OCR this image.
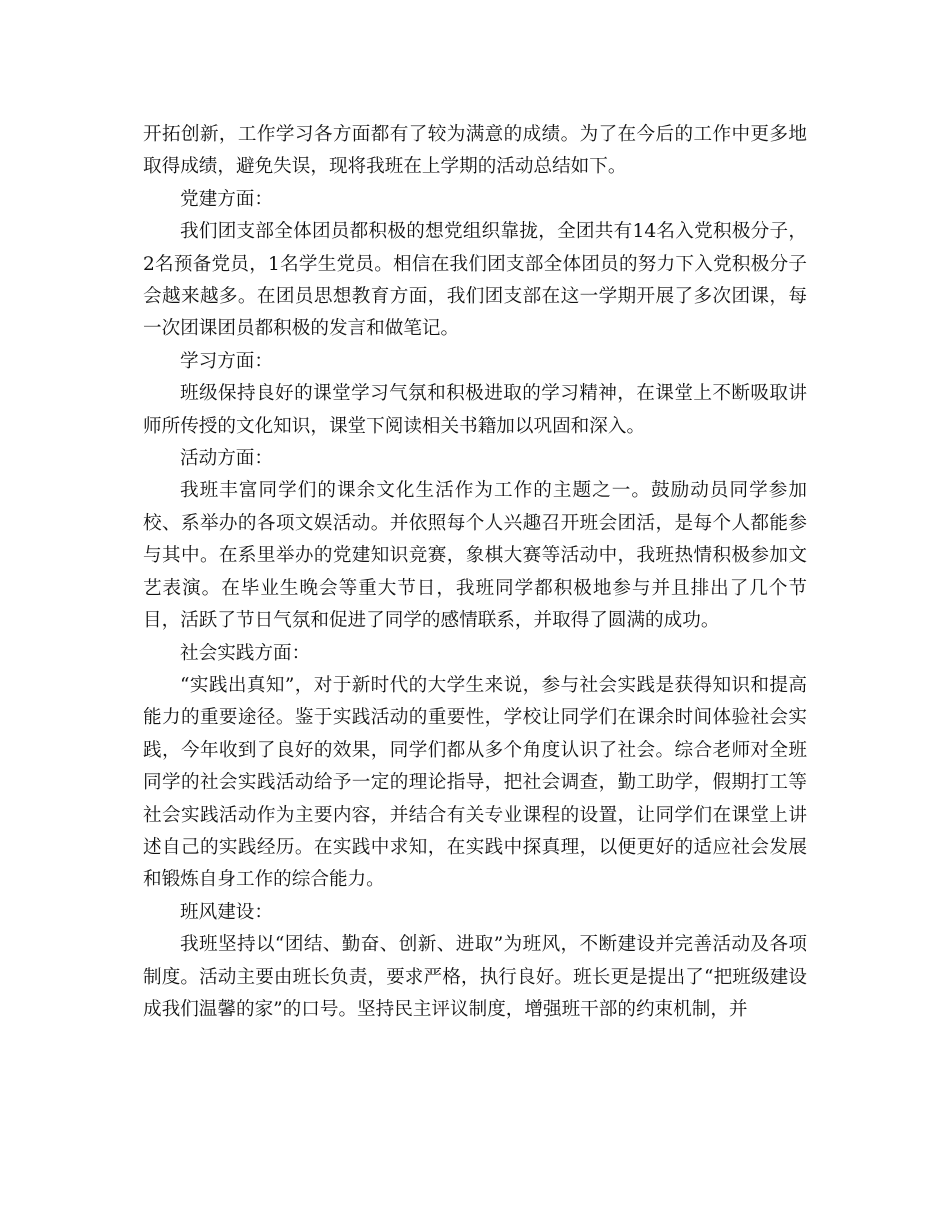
开拓创新，工作学习各方面都有了较为满意的成绩。为了在今后的工作中更多地取得成绩，避免失误，现将我班在上学期的活动总结如下。

党建方面：

我们团支部全体团员都积极的想党组织靠拢，全团共有14名入党积极分子，2名预备党员，1名学生党员。相信在我们团支部全体团员的努力下入党积极分子会越来越多。在团员思想教育方面，我们团支部在这一学期开展了多次团课，每一次团课团员都积极的发言和做笔记。

学习方面：

班级保持良好的课堂学习气氛和积极进取的学习精神，在课堂上不断吸取讲师所传授的文化知识，课堂下阅读相关书籍加以巩固和深入。

活动方面：

我班丰富同学们的课余文化生活作为工作的主题之一。鼓励动员同学参加校、系举办的各项文娱活动。并依照每个人兴趣召开班会团活，是每个人都能参与其中。在系里举办的党建知识竞赛，象棋大赛等活动中，我班热情积极参加文艺表演。在毕业生晚会等重大节日，我班同学都积极地参与并且排出了几个节目，活跃了节日气氛和促进了同学的感情联系，并取得了圆满的成功。

社会实践方面：

“实践出真知”，对于新时代的大学生来说，参与社会实践是获得知识和提高能力的重要途径。鉴于实践活动的重要性，学校让同学们在课余时间体验社会实践，今年收到了良好的效果，同学们都从多个角度认识了社会。综合老师对全班同学的社会实践活动给予一定的理论指导，把社会调查，勤工助学，假期打工等社会实践活动作为主要内容，并结合有关专业课程的设置，让同学们在课堂上讲述自己的实践经历。在实践中求知，在实践中探真理，以便更好的适应社会发展和锻炼自身工作的综合能力。

班风建设：

我班坚持以“团结、勤奋、创新、进取”为班风，不断建设并完善活动及各项制度。活动主要由班长负责，要求严格，执行良好。班长更是提出了“把班级建设成我们温馨的家”的口号。坚持民主评议制度，增强班干部的约束机制，并
